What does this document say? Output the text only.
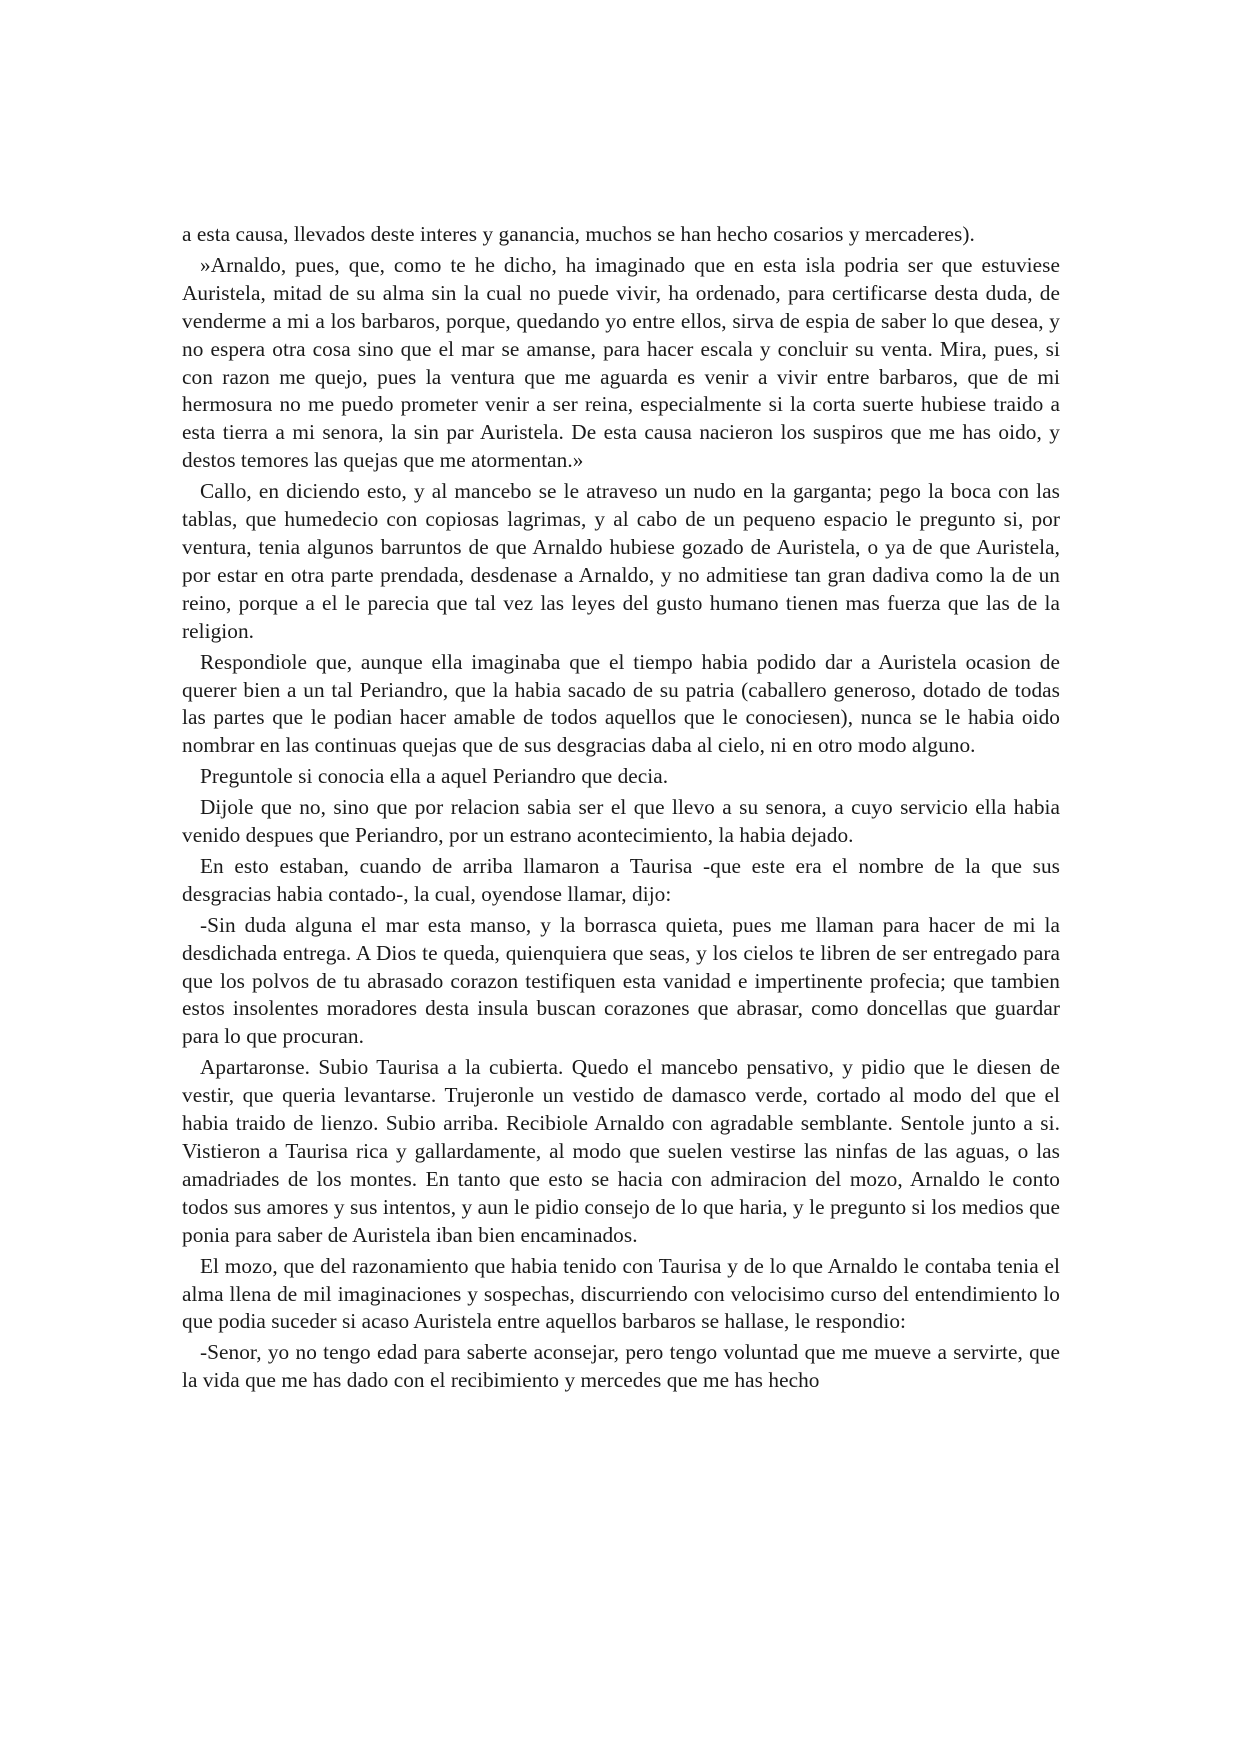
a esta causa, llevados deste interes y ganancia, muchos se han hecho cosarios y mercaderes).

»Arnaldo, pues, que, como te he dicho, ha imaginado que en esta isla podria ser que estuviese Auristela, mitad de su alma sin la cual no puede vivir, ha ordenado, para certificarse desta duda, de venderme a mi a los barbaros, porque, quedando yo entre ellos, sirva de espia de saber lo que desea, y no espera otra cosa sino que el mar se amanse, para hacer escala y concluir su venta. Mira, pues, si con razon me quejo, pues la ventura que me aguarda es venir a vivir entre barbaros, que de mi hermosura no me puedo prometer venir a ser reina, especialmente si la corta suerte hubiese traido a esta tierra a mi senora, la sin par Auristela. De esta causa nacieron los suspiros que me has oido, y destos temores las quejas que me atormentan.»

Callo, en diciendo esto, y al mancebo se le atraveso un nudo en la garganta; pego la boca con las tablas, que humedecio con copiosas lagrimas, y al cabo de un pequeno espacio le pregunto si, por ventura, tenia algunos barruntos de que Arnaldo hubiese gozado de Auristela, o ya de que Auristela, por estar en otra parte prendada, desdenase a Arnaldo, y no admitiese tan gran dadiva como la de un reino, porque a el le parecia que tal vez las leyes del gusto humano tienen mas fuerza que las de la religion.

Respondiole que, aunque ella imaginaba que el tiempo habia podido dar a Auristela ocasion de querer bien a un tal Periandro, que la habia sacado de su patria (caballero generoso, dotado de todas las partes que le podian hacer amable de todos aquellos que le conociesen), nunca se le habia oido nombrar en las continuas quejas que de sus desgracias daba al cielo, ni en otro modo alguno.

Preguntole si conocia ella a aquel Periandro que decia.

Dijole que no, sino que por relacion sabia ser el que llevo a su senora, a cuyo servicio ella habia venido despues que Periandro, por un estrano acontecimiento, la habia dejado.

En esto estaban, cuando de arriba llamaron a Taurisa -que este era el nombre de la que sus desgracias habia contado-, la cual, oyendose llamar, dijo:

-Sin duda alguna el mar esta manso, y la borrasca quieta, pues me llaman para hacer de mi la desdichada entrega. A Dios te queda, quienquiera que seas, y los cielos te libren de ser entregado para que los polvos de tu abrasado corazon testifiquen esta vanidad e impertinente profecia; que tambien estos insolentes moradores desta insula buscan corazones que abrasar, como doncellas que guardar para lo que procuran.

Apartaronse. Subio Taurisa a la cubierta. Quedo el mancebo pensativo, y pidio que le diesen de vestir, que queria levantarse. Trujeronle un vestido de damasco verde, cortado al modo del que el habia traido de lienzo. Subio arriba. Recibiole Arnaldo con agradable semblante. Sentole junto a si. Vistieron a Taurisa rica y gallardamente, al modo que suelen vestirse las ninfas de las aguas, o las amadriades de los montes. En tanto que esto se hacia con admiracion del mozo, Arnaldo le conto todos sus amores y sus intentos, y aun le pidio consejo de lo que haria, y le pregunto si los medios que ponia para saber de Auristela iban bien encaminados.

El mozo, que del razonamiento que habia tenido con Taurisa y de lo que Arnaldo le contaba tenia el alma llena de mil imaginaciones y sospechas, discurriendo con velocisimo curso del entendimiento lo que podia suceder si acaso Auristela entre aquellos barbaros se hallase, le respondio:

-Senor, yo no tengo edad para saberte aconsejar, pero tengo voluntad que me mueve a servirte, que la vida que me has dado con el recibimiento y mercedes que me has hecho
